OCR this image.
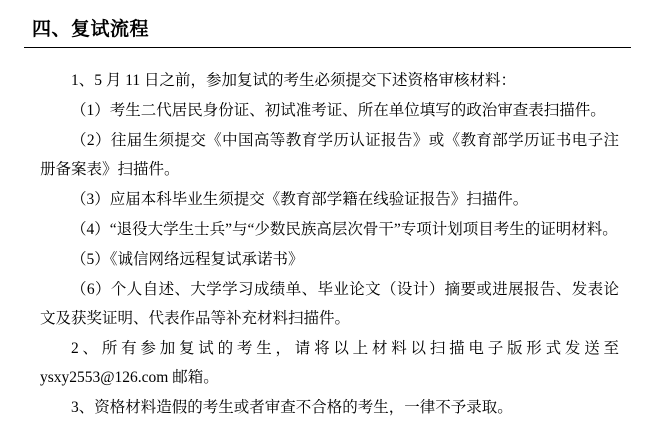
四、复试流程

1、5 月 11 日之前，参加复试的考生必须提交下述资格审核材料：

（1）考生二代居民身份证、初试准考证、所在单位填写的政治审查表扫描件。

（2）往届生须提交《中国高等教育学历认证报告》或《教育部学历证书电子注册备案表》扫描件。

（3）应届本科毕业生须提交《教育部学籍在线验证报告》扫描件。

（4）“退役大学生士兵”与“少数民族高层次骨干”专项计划项目考生的证明材料。

（5）《诚信网络远程复试承诺书》

（6）个人自述、大学学习成绩单、毕业论文（设计）摘要或进展报告、发表论文及获奖证明、代表作品等补充材料扫描件。

2、所有参加复试的考生，请将以上材料以扫描电子版形式发送至 ysxy2553@126.com 邮箱。

3、资格材料造假的考生或者审查不合格的考生，一律不予录取。
